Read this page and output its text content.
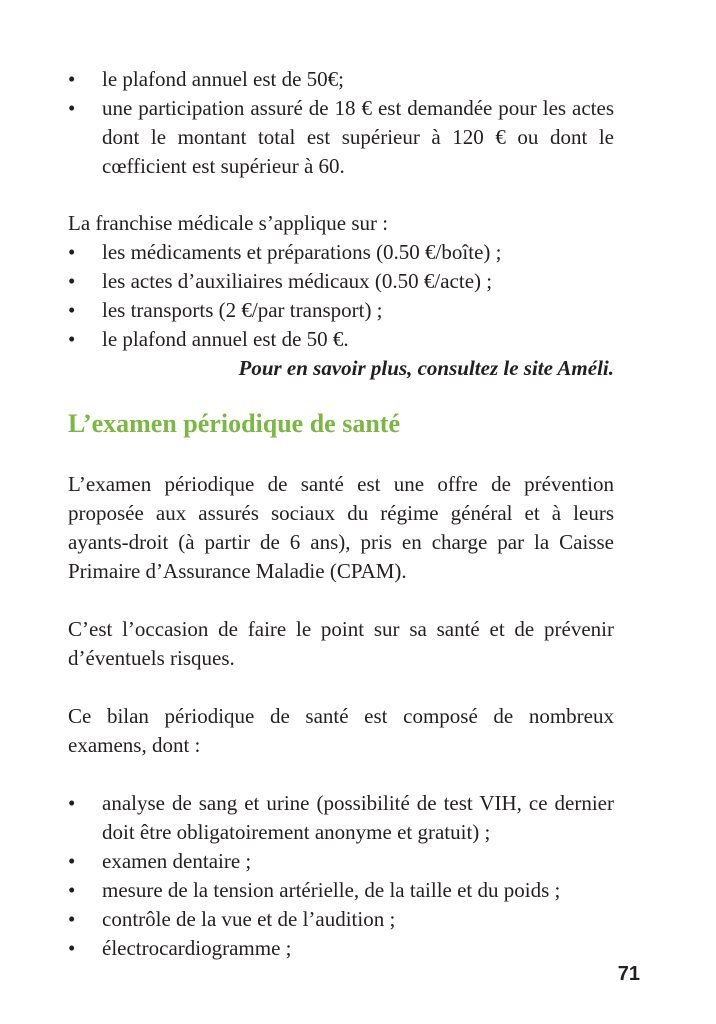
• le plafond annuel est de 50€;
• une participation assuré de 18 € est demandée pour les actes dont le montant total est supérieur à 120 € ou dont le cœfficient est supérieur à 60.

La franchise médicale s’applique sur :

• les médicaments et préparations (0.50 €/boîte) ;
• les actes d’auxiliaires médicaux (0.50 €/acte) ;
• les transports (2 €/par transport) ;
• le plafond annuel est de 50 €.

Pour en savoir plus, consultez le site Améli.

L’examen périodique de santé

L’examen périodique de santé est une offre de prévention proposée aux assurés sociaux du régime général et à leurs ayants-droit (à partir de 6 ans), pris en charge par la Caisse Primaire d’Assurance Maladie (CPAM).

C’est l’occasion de faire le point sur sa santé et de prévenir d’éventuels risques.

Ce bilan périodique de santé est composé de nombreux examens, dont :

• analyse de sang et urine (possibilité de test VIH, ce dernier doit être obligatoirement anonyme et gratuit) ;
• examen dentaire ;
• mesure de la tension artérielle, de la taille et du poids ;
• contrôle de la vue et de l’audition ;
• électrocardiogramme ;
71
